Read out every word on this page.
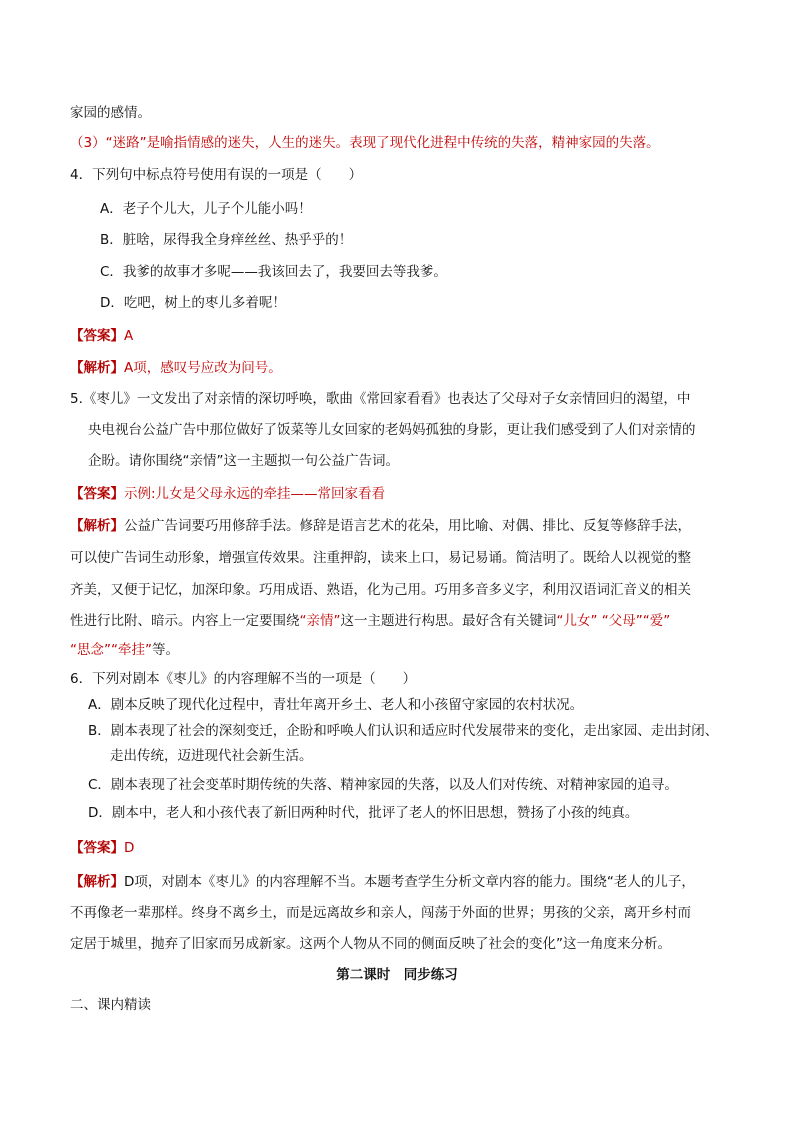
家园的感情。
（3）“迷路”是喻指情感的迷失，人生的迷失。表现了现代化进程中传统的失落，精神家园的失落。
4．下列句中标点符号使用有误的一项是（　　）
A．老子个儿大，儿子个儿能小吗！
B．脏啥，尿得我全身痒丝丝、热乎乎的！
C．我爹的故事才多呢——我该回去了，我要回去等我爹。
D．吃吧，树上的枣儿多着呢！
【答案】A
【解析】A项，感叹号应改为问号。
5.《枣儿》一文发出了对亲情的深切呼唤，歌曲《常回家看看》也表达了父母对子女亲情回归的渴望，中
央电视台公益广告中那位做好了饭菜等儿女回家的老妈妈孤独的身影，更让我们感受到了人们对亲情的
企盼。请你围绕“亲情”这一主题拟一句公益广告词。
【答案】示例:儿女是父母永远的牵挂——常回家看看
【解析】公益广告词要巧用修辞手法。修辞是语言艺术的花朵，用比喻、对偶、排比、反复等修辞手法，
可以使广告词生动形象，增强宣传效果。注重押韵，读来上口，易记易诵。简洁明了。既给人以视觉的整
齐美，又便于记忆，加深印象。巧用成语、熟语，化为己用。巧用多音多义字，利用汉语词汇音义的相关
性进行比附、暗示。内容上一定要围绕“亲情”这一主题进行构思。最好含有关键词“儿女” “父母”“爱”
“思念”“牵挂”等。
6．下列对剧本《枣儿》的内容理解不当的一项是（　　）
A．剧本反映了现代化过程中，青壮年离开乡土、老人和小孩留守家园的农村状况。
B．剧本表现了社会的深刻变迁，企盼和呼唤人们认识和适应时代发展带来的变化，走出家园、走出封闭、
走出传统，迈进现代社会新生活。
C．剧本表现了社会变革时期传统的失落、精神家园的失落，以及人们对传统、对精神家园的追寻。
D．剧本中，老人和小孩代表了新旧两种时代，批评了老人的怀旧思想，赞扬了小孩的纯真。
【答案】D
【解析】D项，对剧本《枣儿》的内容理解不当。本题考查学生分析文章内容的能力。围绕“老人的儿子，
不再像老一辈那样。终身不离乡土，而是远离故乡和亲人，闯荡于外面的世界；男孩的父亲，离开乡村而
定居于城里，抛弃了旧家而另成新家。这两个人物从不同的侧面反映了社会的变化”这一角度来分析。
第二课时　同步练习
二、课内精读
